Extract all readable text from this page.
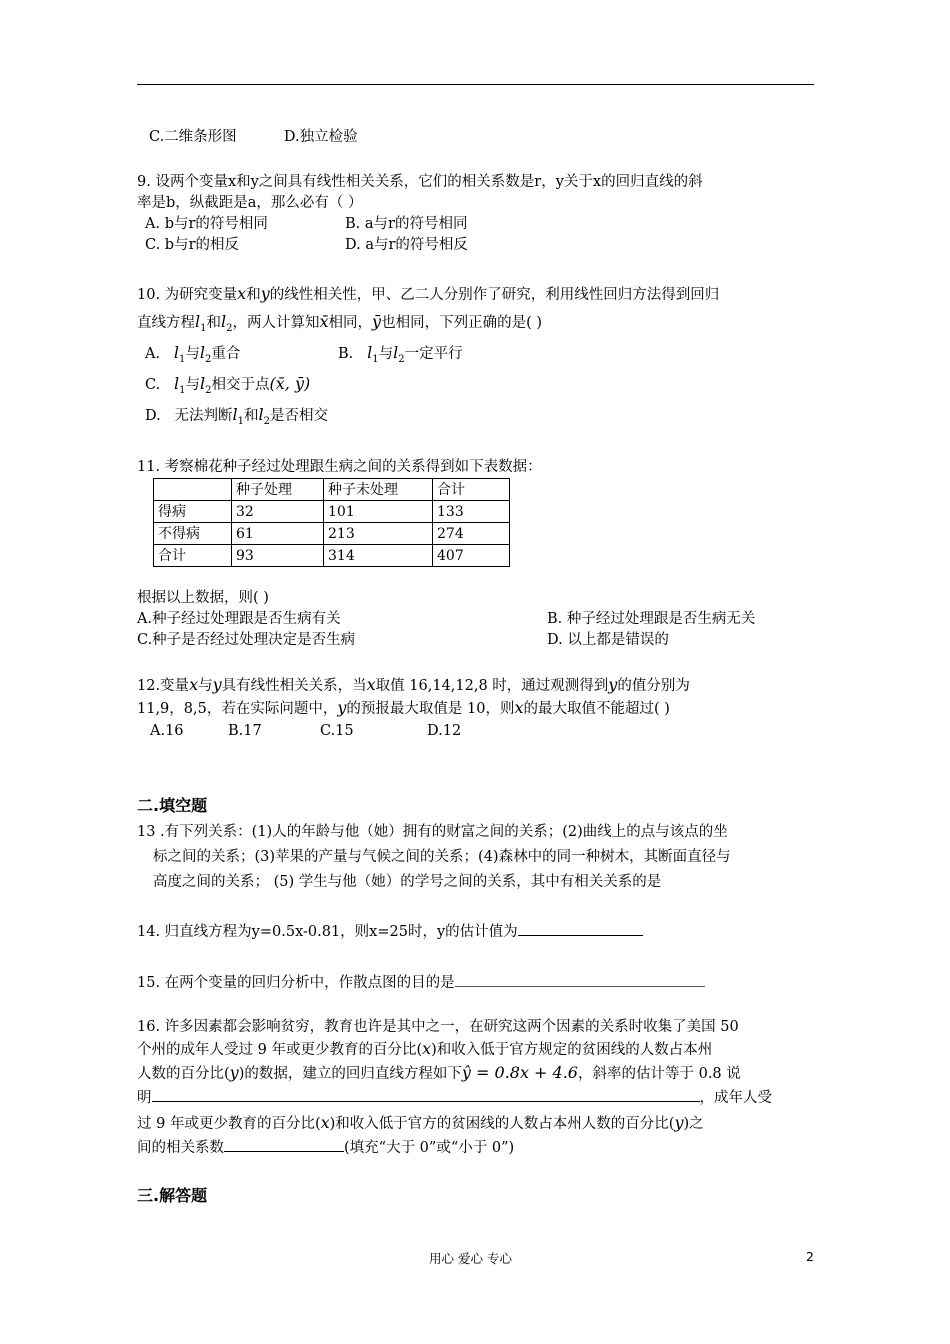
C.二维条形图	D.独立检验
9. 设两个变量x和y之间具有线性相关关系，它们的相关系数是r，y关于x的回归直线的斜
率是b，纵截距是a，那么必有（ ）
A. b与r的符号相同	B. a与r的符号相同
C. b与r的相反	D. a与r的符号相反
10. 为研究变量x和y的线性相关性，甲、乙二人分别作了研究，利用线性回归方法得到回归
直线方程$l_1$和$l_2$，两人计算知x̄相同，ȳ也相同，下列正确的是( )
A. $l_1$与$l_2$重合	B. $l_1$与$l_2$一定平行
C. $l_1$与$l_2$相交于点(x̄, ȳ)
D. 无法判断$l_1$和$l_2$是否相交
11. 考察棉花种子经过处理跟生病之间的关系得到如下表数据：
	种子处理	种子未处理	合计
得病	32	101	133
不得病	61	213	274
合计	93	314	407
根据以上数据，则( )
A.种子经过处理跟是否生病有关	B. 种子经过处理跟是否生病无关
C.种子是否经过处理决定是否生病	D. 以上都是错误的
12.变量x与y具有线性相关关系，当x取值 16,14,12,8 时，通过观测得到y的值分别为
11,9，8,5，若在实际问题中，y的预报最大取值是 10，则x的最大取值不能超过( )
A.16	B.17	C.15	D.12
二.填空题
13 .有下列关系：(1)人的年龄与他（她）拥有的财富之间的关系；(2)曲线上的点与该点的坐
标之间的关系；(3)苹果的产量与气候之间的关系；(4)森林中的同一种树木，其断面直径与
高度之间的关系； (5) 学生与他（她）的学号之间的关系，其中有相关关系的是
14. 归直线方程为y=0.5x-0.81，则x=25时，y的估计值为
15. 在两个变量的回归分析中，作散点图的目的是
16. 许多因素都会影响贫穷，教育也许是其中之一，在研究这两个因素的关系时收集了美国 50
个州的成年人受过 9 年或更少教育的百分比(x)和收入低于官方规定的贫困线的人数占本州
人数的百分比(y)的数据，建立的回归直线方程如下ŷ = 0.8x + 4.6，斜率的估计等于 0.8 说
明	，成年人受
过 9 年或更少教育的百分比(x)和收入低于官方的贫困线的人数占本州人数的百分比(y)之
间的相关系数	(填充“大于 0”或“小于 0”)
三.解答题
用心 爱心 专心	2
